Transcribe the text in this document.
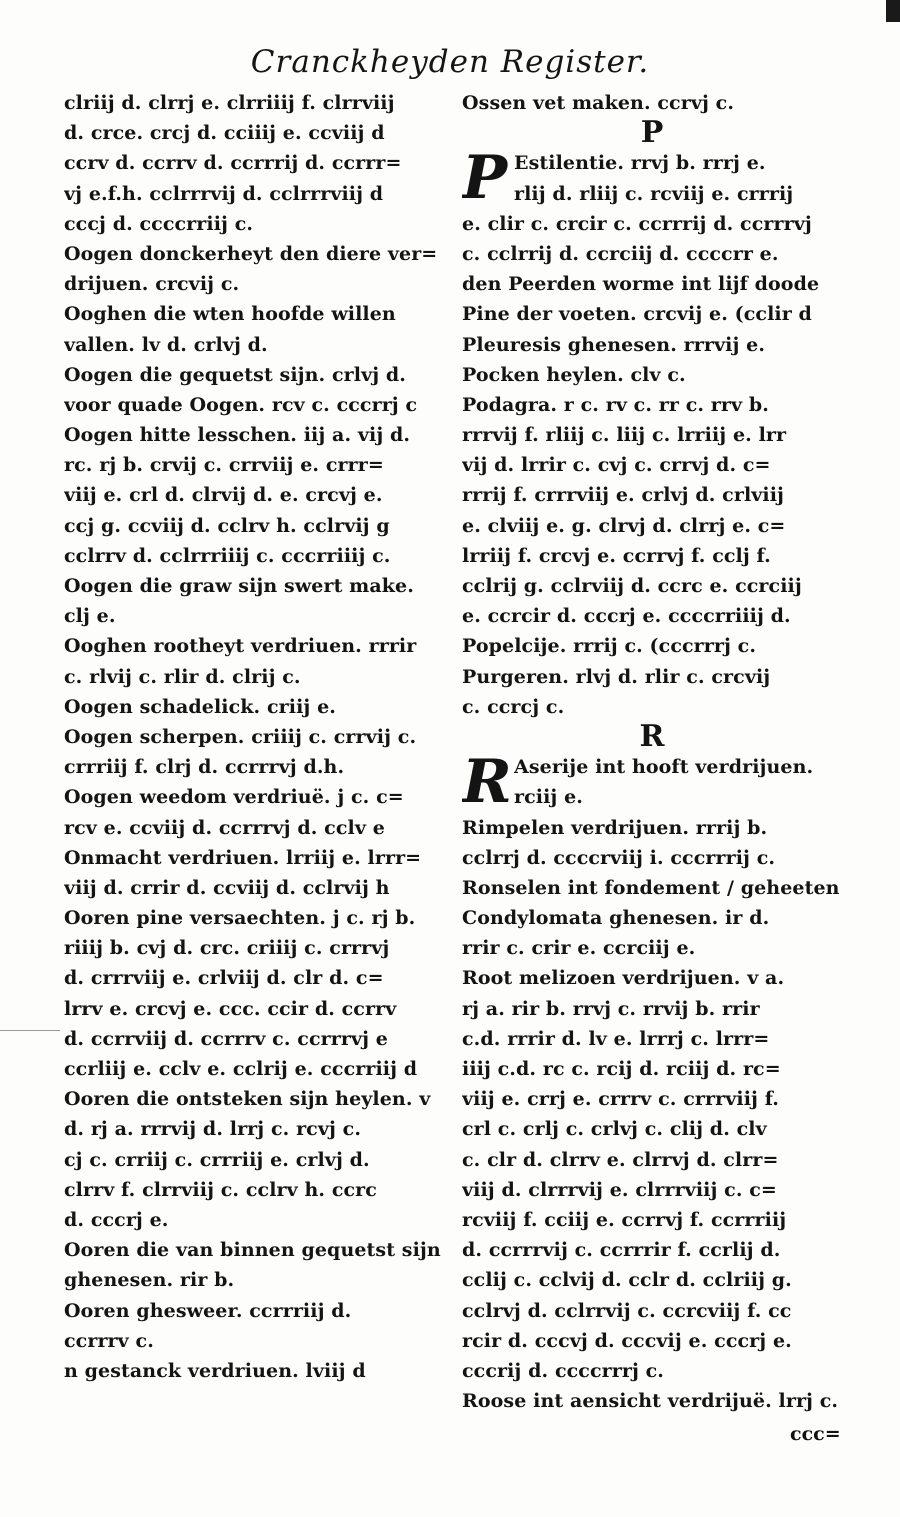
Cranckheyden Register.
clriij d. clrrj e. clrriiij f. clrrviij
d. crce. crcj d. cciiij e. ccviij d
ccrv d. ccrrv d. ccrrrij d. ccrrr=
vj e.f.h. cclrrrvij d. cclrrrviij d
cccj d. ccccrriij c.
Oogen donckerheyt den diere ver=
drijuen. crcvij c.
Ooghen die wten hoofde willen
vallen. lv d. crlvj d.
Oogen die gequetst sijn. crlvj d.
voor quade Oogen. rcv c. cccrrj c
Oogen hitte lesschen. iij a. vij d.
rc. rj b. crvij c. crrviij e. crrr=
viij e. crl d. clrvij d. e. crcvj e.
ccj g. ccviij d. cclrv h. cclrvij g
cclrrv d. cclrrriiij c. cccrriiij c.
Oogen die graw sijn swert make.
clj e.
Ooghen rootheyt verdriuen. rrrir
c. rlvij c. rlir d. clrij c.
Oogen schadelick. criij e.
Oogen scherpen. criiij c. crrvij c.
crrriij f. clrj d. ccrrrvj d.h.
Oogen weedom verdriuë. j c. c=
rcv e. ccviij d. ccrrrvj d. cclv e
Onmacht verdriuen. lrriij e. lrrr=
viij d. crrir d. ccviij d. cclrvij h
Ooren pine versaechten. j c. rj b.
riiij b. cvj d. crc. criiij c. crrrvj
d. crrrviij e. crlviij d. clr d. c=
lrrv e. crcvj e. ccc. ccir d. ccrrv
d. ccrrviij d. ccrrrv c. ccrrrvj e
ccrliij e. cclv e. cclrij e. cccrriij d
Ooren die ontsteken sijn heylen. v
d. rj a. rrrvij d. lrrj c. rcvj c.
cj c. crriij c. crrriij e. crlvj d.
clrrv f. clrrviij c. cclrv h. ccrc
d. cccrj e.
Ooren die van binnen gequetst sijn
ghenesen. rir b.
Ooren ghesweer. ccrrriij d.
ccrrrv c.
n gestanck verdriuen. lviij d
Ossen vet maken. ccrvj c.
P
P Estilentie. rrvj b. rrrj e.
rlij d. rliij c. rcviij e. crrrij
e. clir c. crcir c. ccrrrij d. ccrrrvj
c. cclrrij d. ccrciij d. ccccrr e.
den Peerden worme int lijf doode
Pine der voeten. crcvij e. (cclir d
Pleuresis ghenesen. rrrvij e.
Pocken heylen. clv c.
Podagra. r c. rv c. rr c. rrv b.
rrrvij f. rliij c. liij c. lrriij e. lrr
vij d. lrrir c. cvj c. crrvj d. c=
rrrij f. crrrviij e. crlvj d. crlviij
e. clviij e. g. clrvj d. clrrj e. c=
lrriij f. crcvj e. ccrrvj f. cclj f.
cclrij g. cclrviij d. ccrc e. ccrciij
e. ccrcir d. cccrj e. ccccrriiij d.
Popelcije. rrrij c. (cccrrrj c.
Purgeren. rlvj d. rlir c. crcvij
c. ccrcj c.
R
R Aserije int hooft verdrijuen.
rciij e.
Rimpelen verdrijuen. rrrij b.
cclrrj d. ccccrviij i. cccrrrij c.
Ronselen int fondement / geheeten
Condylomata ghenesen. ir d.
rrir c. crir e. ccrciij e.
Root melizoen verdrijuen. v a.
rj a. rir b. rrvj c. rrvij b. rrir
c.d. rrrir d. lv e. lrrrj c. lrrr=
iiij c.d. rc c. rcij d. rciij d. rc=
viij e. crrj e. crrrv c. crrrviij f.
crl c. crlj c. crlvj c. clij d. clv
c. clr d. clrrv e. clrrvj d. clrr=
viij d. clrrrvij e. clrrrviij c. c=
rcviij f. cciij e. ccrrvj f. ccrrriij
d. ccrrrvij c. ccrrrir f. ccrlij d.
cclij c. cclvij d. cclr d. cclriij g.
cclrvj d. cclrrvij c. ccrcviij f. cc
rcir d. cccvj d. cccvij e. cccrj e.
cccrij d. ccccrrrj c.
Roose int aensicht verdrijuë. lrrj c.
ccc=
